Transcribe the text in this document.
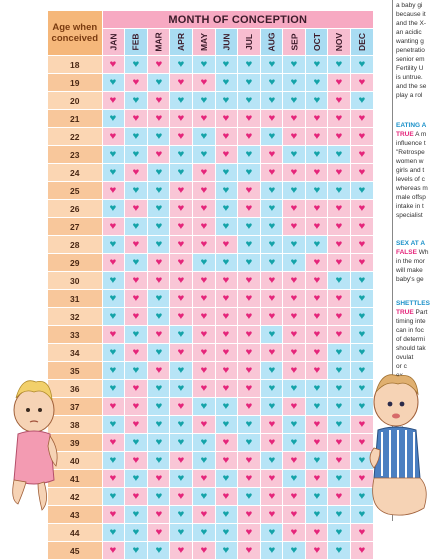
Age when
conceived	MONTH OF CONCEPTION											
	JAN	FEB	MAR	APR	MAY	JUN	JUL	AUG	SEP	OCT	NOV	DEC
18	♥	♥	♥	♥	♥	♥	♥	♥	♥	♥	♥	♥
19	♥	♥	♥	♥	♥	♥	♥	♥	♥	♥	♥	♥
20	♥	♥	♥	♥	♥	♥	♥	♥	♥	♥	♥	♥
21	♥	♥	♥	♥	♥	♥	♥	♥	♥	♥	♥	♥
22	♥	♥	♥	♥	♥	♥	♥	♥	♥	♥	♥	♥
23	♥	♥	♥	♥	♥	♥	♥	♥	♥	♥	♥	♥
24	♥	♥	♥	♥	♥	♥	♥	♥	♥	♥	♥	♥
25	♥	♥	♥	♥	♥	♥	♥	♥	♥	♥	♥	♥
26	♥	♥	♥	♥	♥	♥	♥	♥	♥	♥	♥	♥
27	♥	♥	♥	♥	♥	♥	♥	♥	♥	♥	♥	♥
28	♥	♥	♥	♥	♥	♥	♥	♥	♥	♥	♥	♥
29	♥	♥	♥	♥	♥	♥	♥	♥	♥	♥	♥	♥
30	♥	♥	♥	♥	♥	♥	♥	♥	♥	♥	♥	♥
31	♥	♥	♥	♥	♥	♥	♥	♥	♥	♥	♥	♥
32	♥	♥	♥	♥	♥	♥	♥	♥	♥	♥	♥	♥
33	♥	♥	♥	♥	♥	♥	♥	♥	♥	♥	♥	♥
34	♥	♥	♥	♥	♥	♥	♥	♥	♥	♥	♥	♥
35	♥	♥	♥	♥	♥	♥	♥	♥	♥	♥	♥	♥
36	♥	♥	♥	♥	♥	♥	♥	♥	♥	♥	♥	♥
37	♥	♥	♥	♥	♥	♥	♥	♥	♥	♥	♥	♥
38	♥	♥	♥	♥	♥	♥	♥	♥	♥	♥	♥	♥
39	♥	♥	♥	♥	♥	♥	♥	♥	♥	♥	♥	♥
40	♥	♥	♥	♥	♥	♥	♥	♥	♥	♥	♥	♥
41	♥	♥	♥	♥	♥	♥	♥	♥	♥	♥	♥	♥
42	♥	♥	♥	♥	♥	♥	♥	♥	♥	♥	♥	♥
43	♥	♥	♥	♥	♥	♥	♥	♥	♥	♥	♥	♥
44	♥	♥	♥	♥	♥	♥	♥	♥	♥	♥	♥	♥
45	♥	♥	♥	♥	♥	♥	♥	♥	♥	♥	♥	♥
a baby gi
because it
and the X-
an acidic
wanting g
penetratio
senior em
Fertility U
is untrue.
and the se
play a rol
EATING A
TRUE A m
influence t
"Retrospe
women w
girls and t
levels of c
whereas m
male offsp
intake in t
specialist
SEX AT A
FALSE Wh
in the mor
will make
baby's ge
SHETTLES
TRUE Part
timing inte
can in foc
of determi
should tak
ovulat
or c
